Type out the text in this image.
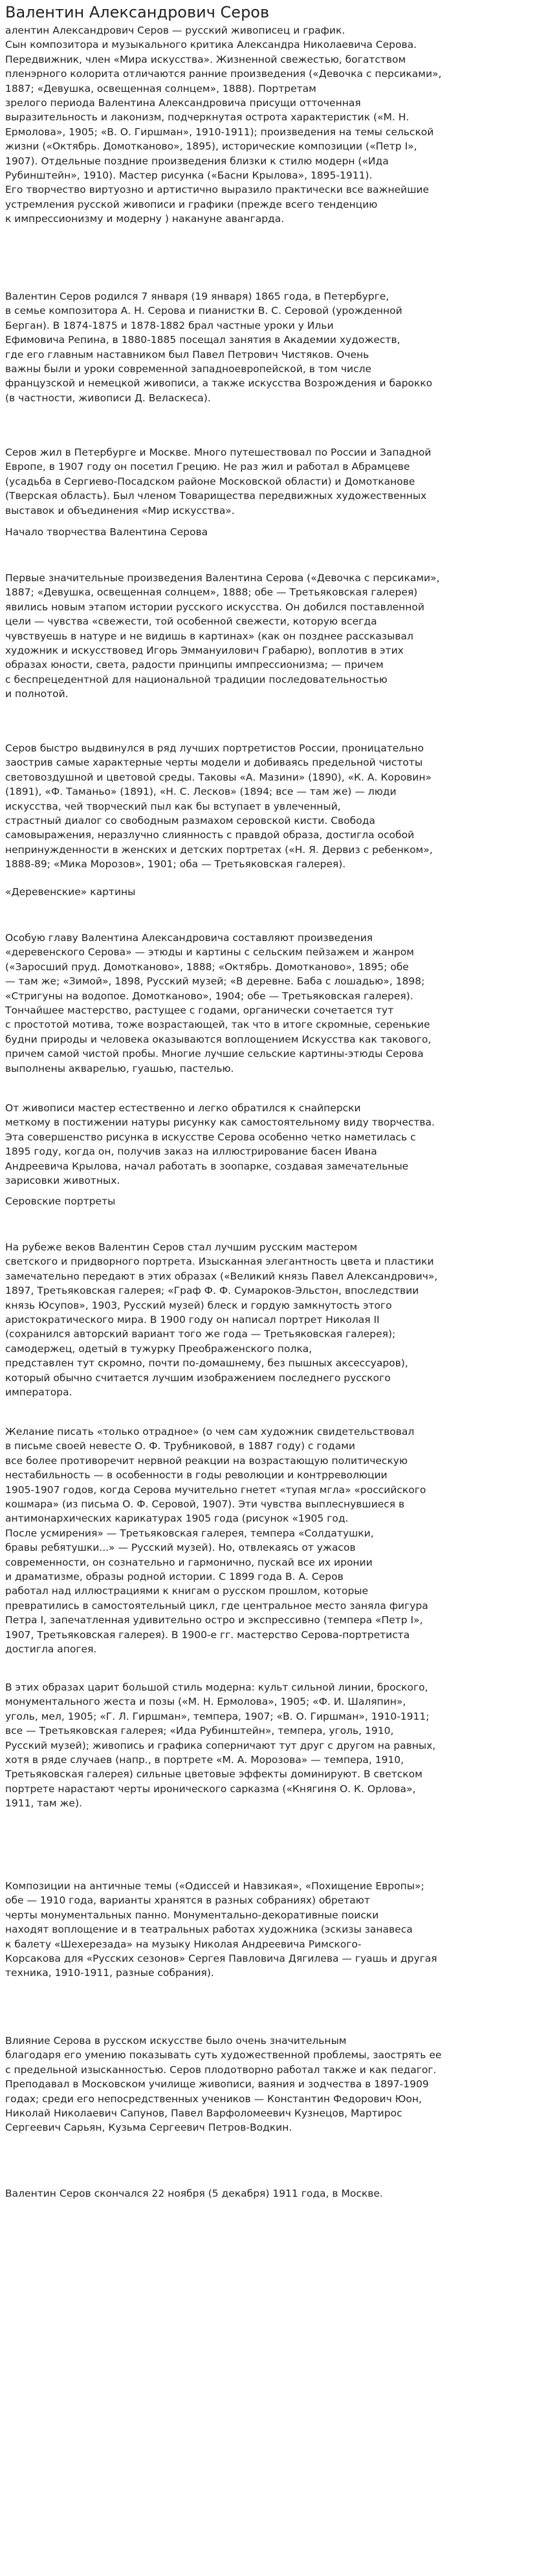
Валентин Александрович Серов

алентин Александрович Серов — русский живописец и график.
Сын композитора и музыкального критика Александра Николаевича Серова.
Передвижник, член «Мира искусства». Жизненной свежестью, богатством
пленэрного колорита отличаются ранние произведения («Девочка с персиками»,
1887; «Девушка, освещенная солнцем», 1888). Портретам
зрелого периода Валентина Александровича присущи отточенная
выразительность и лаконизм, подчеркнутая острота характеристик («М. Н.
Ермолова», 1905; «В. О. Гиршман», 1910-1911); произведения на темы сельской
жизни («Октябрь. Домотканово», 1895), исторические композиции («Петр I»,
1907). Отдельные поздние произведения близки к стилю модерн («Ида
Рубинштейн», 1910). Мастер рисунка («Басни Крылова», 1895-1911).
Его творчество виртуозно и артистично выразило практически все важнейшие
устремления русской живописи и графики (прежде всего тенденцию
к импрессионизму и модерну ) накануне авангарда.

Валентин Серов родился 7 января (19 января) 1865 года, в Петербурге,
в семье композитора А. Н. Серова и пианистки В. С. Серовой (урожденной
Берган). В 1874-1875 и 1878-1882 брал частные уроки у Ильи
Ефимовича Репина, в 1880-1885 посещал занятия в Академии художеств,
где его главным наставником был Павел Петрович Чистяков. Очень
важны были и уроки современной западноевропейской, в том числе
французской и немецкой живописи, а также искусства Возрождения и барокко
(в частности, живописи Д. Веласкеса).

Серов жил в Петербурге и Москве. Много путешествовал по России и Западной
Европе, в 1907 году он посетил Грецию. Не раз жил и работал в Абрамцеве
(усадьба в Сергиево-Посадском районе Московской области) и Домотканове
(Тверская область). Был членом Товарищества передвижных художественных
выставок и объединения «Мир искусства».

Начало творчества Валентина Серова

Первые значительные произведения Валентина Серова («Девочка с персиками»,
1887; «Девушка, освещенная солнцем», 1888; обе — Третьяковская галерея)
явились новым этапом истории русского искусства. Он добился поставленной
цели — чувства «свежести, той особенной свежести, которую всегда
чувствуешь в натуре и не видишь в картинах» (как он позднее рассказывал
художник и искусствовед Игорь Эммануилович Грабарю), воплотив в этих
образах юности, света, радости принципы импрессионизма; — причем
с беспрецедентной для национальной традиции последовательностью
и полнотой.

Серов быстро выдвинулся в ряд лучших портретистов России, проницательно
заострив самые характерные черты модели и добиваясь предельной чистоты
световоздушной и цветовой среды. Таковы «А. Мазини» (1890), «К. А. Коровин»
(1891), «Ф. Таманьо» (1891), «Н. С. Лесков» (1894; все — там же) — люди
искусства, чей творческий пыл как бы вступает в увлеченный,
страстный диалог со свободным размахом серовской кисти. Свобода
самовыражения, неразлучно слиянность с правдой образа, достигла особой
непринужденности в женских и детских портретах («Н. Я. Дервиз с ребенком»,
1888-89; «Мика Морозов», 1901; оба — Третьяковская галерея).

«Деревенские» картины

Особую главу Валентина Александровича составляют произведения
«деревенского Серова» — этюды и картины с сельским пейзажем и жанром
(«Заросший пруд. Домотканово», 1888; «Октябрь. Домотканово», 1895; обе
— там же; «Зимой», 1898, Русский музей; «В деревне. Баба с лошадью», 1898;
«Стригуны на водопое. Домотканово», 1904; обе — Третьяковская галерея).
Тончайшее мастерство, растущее с годами, органически сочетается тут
с простотой мотива, тоже возрастающей, так что в итоге скромные, серенькие
будни природы и человека оказываются воплощением Искусства как такового,
причем самой чистой пробы. Многие лучшие сельские картины-этюды Серова
выполнены акварелью, гуашью, пастелью.

От живописи мастер естественно и легко обратился к снайперски
меткому в постижении натуры рисунку как самостоятельному виду творчества.
Эта совершенство рисунка в искусстве Серова особенно четко наметилась с
1895 году, когда он, получив заказ на иллюстрирование басен Ивана
Андреевича Крылова, начал работать в зоопарке, создавая замечательные
зарисовки животных.

Серовские портреты

На рубеже веков Валентин Серов стал лучшим русским мастером
светского и придворного портрета. Изысканная элегантность цвета и пластики
замечательно передают в этих образах («Великий князь Павел Александрович»,
1897, Третьяковская галерея; «Граф Ф. Ф. Сумароков-Эльстон, впоследствии
князь Юсупов», 1903, Русский музей) блеск и гордую замкнутость этого
аристократического мира. В 1900 году он написал портрет Николая II
(сохранился авторский вариант того же года — Третьяковская галерея);
самодержец, одетый в тужурку Преображенского полка,
представлен тут скромно, почти по-домашнему, без пышных аксессуаров),
который обычно считается лучшим изображением последнего русского
императора.

Желание писать «только отрадное» (о чем сам художник свидетельствовал
в письме своей невесте О. Ф. Трубниковой, в 1887 году) с годами
все более противоречит нервной реакции на возрастающую политическую
нестабильность — в особенности в годы революции и контрреволюции
1905-1907 годов, когда Серова мучительно гнетет «тупая мгла» «российского
кошмара» (из письма О. Ф. Серовой, 1907). Эти чувства выплеснувшиеся в
антимонархических карикатурах 1905 года (рисунок «1905 год.
После усмирения» — Третьяковская галерея, темпера «Солдатушки,
бравы ребятушки...» — Русский музей). Но, отвлекаясь от ужасов
современности, он сознательно и гармонично, пускай все их иронии
и драматизме, образы родной истории. С 1899 года В. А. Серов
работал над иллюстрациями к книгам о русском прошлом, которые
превратились в самостоятельный цикл, где центральное место заняла фигура
Петра I, запечатленная удивительно остро и экспрессивно (темпера «Петр I»,
1907, Третьяковская галерея). В 1900-е гг. мастерство Серова-портретиста
достигла апогея.

В этих образах царит большой стиль модерна: культ сильной линии, броского,
монументального жеста и позы («М. Н. Ермолова», 1905; «Ф. И. Шаляпин»,
уголь, мел, 1905; «Г. Л. Гиршман», темпера, 1907; «В. О. Гиршман», 1910-1911;
все — Третьяковская галерея; «Ида Рубинштейн», темпера, уголь, 1910,
Русский музей); живопись и графика соперничают тут друг с другом на равных,
хотя в ряде случаев (напр., в портрете «М. А. Морозова» — темпера, 1910,
Третьяковская галерея) сильные цветовые эффекты доминируют. В светском
портрете нарастают черты иронического сарказма («Княгиня О. К. Орлова»,
1911, там же).

Композиции на античные темы («Одиссей и Навзикая», «Похищение Европы»;
обе — 1910 года, варианты хранятся в разных собраниях) обретают
черты монументальных панно. Монументально-декоративные поиски
находят воплощение и в театральных работах художника (эскизы занавеса
к балету «Шехерезада» на музыку Николая Андреевича Римского-
Корсакова для «Русских сезонов» Сергея Павловича Дягилева — гуашь и другая
техника, 1910-1911, разные собрания).

Влияние Серова в русском искусстве было очень значительным
благодаря его умению показывать суть художественной проблемы, заострять ее
с предельной изысканностью. Серов плодотворно работал также и как педагог.
Преподавал в Московском училище живописи, ваяния и зодчества в 1897-1909
годах; среди его непосредственных учеников — Константин Федорович Юон,
Николай Николаевич Сапунов, Павел Варфоломеевич Кузнецов, Мартирос
Сергеевич Сарьян, Кузьма Сергеевич Петров-Водкин.

Валентин Серов скончался 22 ноября (5 декабря) 1911 года, в Москве.
